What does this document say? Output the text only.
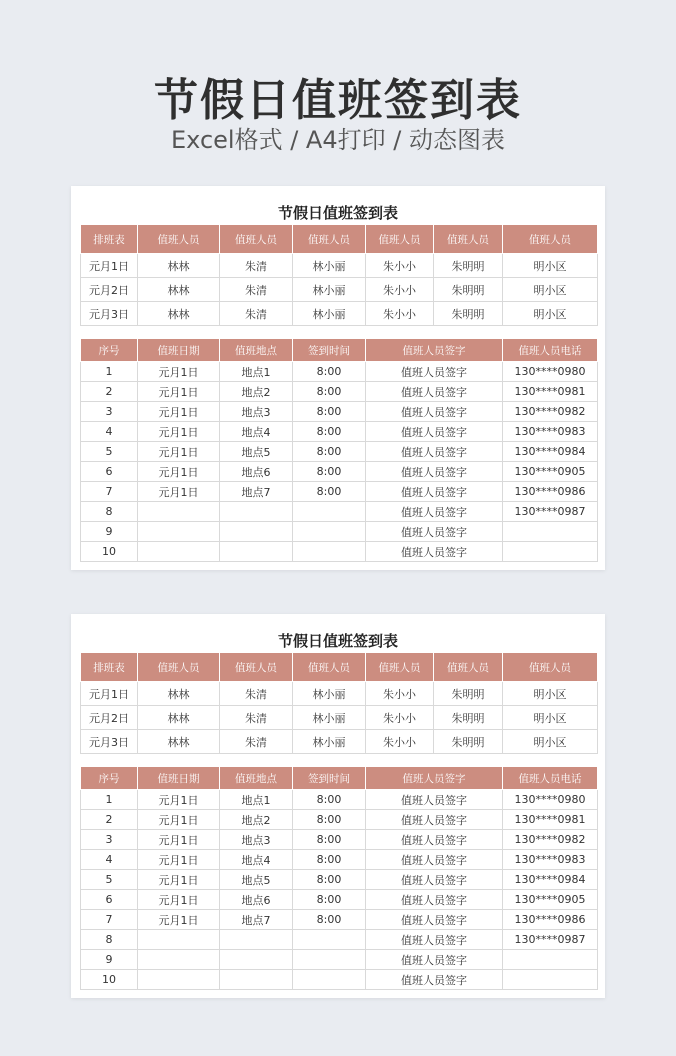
节假日值班签到表
Excel格式 / A4打印 / 动态图表
节假日值班签到表
排班表	值班人员	值班人员	值班人员	值班人员	值班人员	值班人员
元月1日	林林	朱清	林小丽	朱小小	朱明明	明小区
元月2日	林林	朱清	林小丽	朱小小	朱明明	明小区
元月3日	林林	朱清	林小丽	朱小小	朱明明	明小区
序号	值班日期	值班地点	签到时间	值班人员签字	值班人员电话
1	元月1日	地点1	8:00	值班人员签字	130****0980
2	元月1日	地点2	8:00	值班人员签字	130****0981
3	元月1日	地点3	8:00	值班人员签字	130****0982
4	元月1日	地点4	8:00	值班人员签字	130****0983
5	元月1日	地点5	8:00	值班人员签字	130****0984
6	元月1日	地点6	8:00	值班人员签字	130****0905
7	元月1日	地点7	8:00	值班人员签字	130****0986
8				值班人员签字	130****0987
9				值班人员签字	
10				值班人员签字	
节假日值班签到表
排班表	值班人员	值班人员	值班人员	值班人员	值班人员	值班人员
元月1日	林林	朱清	林小丽	朱小小	朱明明	明小区
元月2日	林林	朱清	林小丽	朱小小	朱明明	明小区
元月3日	林林	朱清	林小丽	朱小小	朱明明	明小区
序号	值班日期	值班地点	签到时间	值班人员签字	值班人员电话
1	元月1日	地点1	8:00	值班人员签字	130****0980
2	元月1日	地点2	8:00	值班人员签字	130****0981
3	元月1日	地点3	8:00	值班人员签字	130****0982
4	元月1日	地点4	8:00	值班人员签字	130****0983
5	元月1日	地点5	8:00	值班人员签字	130****0984
6	元月1日	地点6	8:00	值班人员签字	130****0905
7	元月1日	地点7	8:00	值班人员签字	130****0986
8				值班人员签字	130****0987
9				值班人员签字	
10				值班人员签字	
